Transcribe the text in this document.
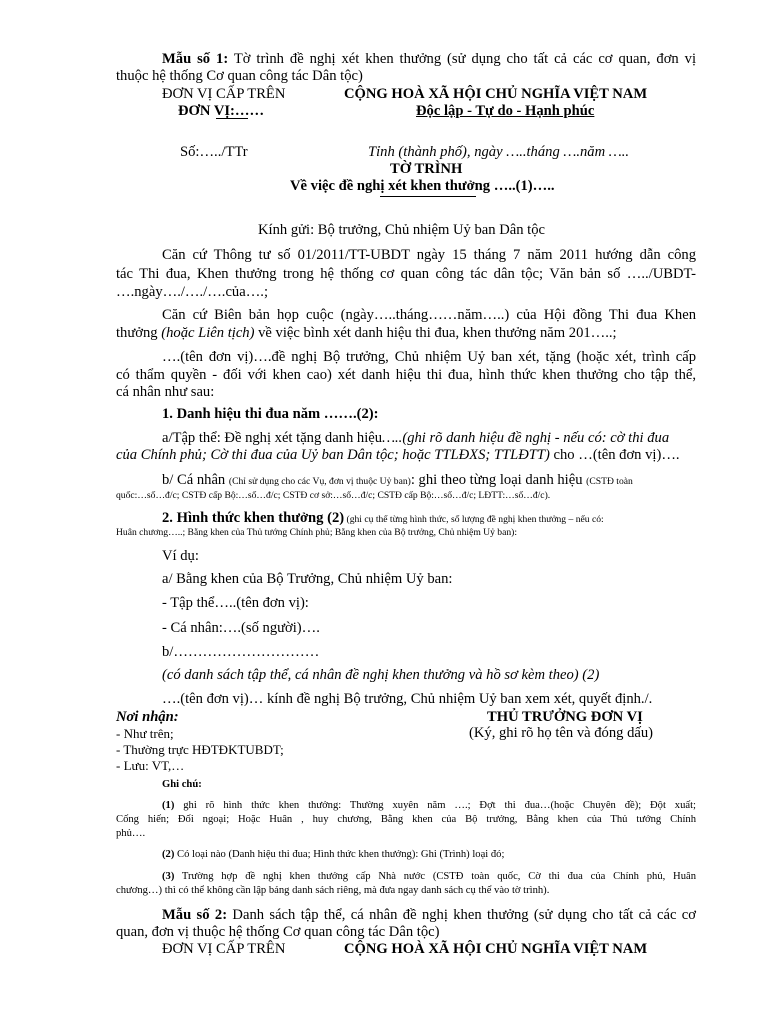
Mẫu số 1: Tờ trình đề nghị xét khen thưởng (sử dụng cho tất cả các cơ quan, đơn vị
thuộc hệ thống Cơ quan công tác Dân tộc)
ĐƠN VỊ CẤP TRÊN	CỘNG HOÀ XÃ HỘI CHỦ NGHĨA VIỆT NAM
ĐƠN VỊ:……	Độc lập - Tự do - Hạnh phúc
Số:…../TTr	Tỉnh (thành phố), ngày …..tháng ….năm …..
TỜ TRÌNH
Về việc đề nghị xét khen thưởng …..(1)…..
Kính gửi: Bộ trưởng, Chủ nhiệm Uỷ ban Dân tộc
Căn cứ Thông tư số 01/2011/TT-UBDT ngày 15 tháng 7 năm 2011 hướng dẫn công
tác Thi đua, Khen thưởng trong hệ thống cơ quan công tác dân tộc; Văn bản số …../UBDT-
….ngày…./…./….của….;
Căn cứ Biên bản họp cuộc (ngày…..tháng……năm…..) của Hội đồng Thi đua Khen
thưởng (hoặc Liên tịch) về việc bình xét danh hiệu thi đua, khen thưởng năm 201…..;
….(tên đơn vị)….đề nghị Bộ trưởng, Chủ nhiệm Uỷ ban xét, tặng (hoặc xét, trình cấp
có thẩm quyền - đối với khen cao) xét danh hiệu thi đua, hình thức khen thưởng cho tập thể,
cá nhân như sau:
1. Danh hiệu thi đua năm …….(2):
a/Tập thể: Đề nghị xét tặng danh hiệu…..(ghi rõ danh hiệu đề nghị - nếu có: cờ thi đua
của Chính phủ; Cờ thi đua của Uỷ ban Dân tộc; hoặc TTLĐXS; TTLĐTT) cho …(tên đơn vị)….
b/ Cá nhân (Chỉ sử dụng cho các Vụ, đơn vị thuộc Uỷ ban): ghi theo từng loại danh hiệu (CSTĐ toàn
quốc:…số…đ/c; CSTĐ cấp Bộ:…số…đ/c; CSTĐ cơ sở:…số…đ/c; CSTĐ cấp Bộ:…số…đ/c; LĐTT:…số…đ/c).
2. Hình thức khen thưởng (2) (ghi cụ thể từng hình thức, số lượng đề nghị khen thưởng – nếu có:
Huân chương…..; Bằng khen của Thủ tướng Chính phủ; Bằng khen của Bộ trưởng, Chủ nhiệm Uỷ ban):
Ví dụ:
a/ Bằng khen của Bộ Trưởng, Chủ nhiệm Uỷ ban:
- Tập thể…..(tên đơn vị):
- Cá nhân:….(số người)….
b/…………………………
(có danh sách tập thể, cá nhân đề nghị khen thưởng và hồ sơ kèm theo) (2)
….(tên đơn vị)… kính đề nghị Bộ trưởng, Chủ nhiệm Uỷ ban xem xét, quyết định./.
Nơi nhận:	THỦ TRƯỞNG ĐƠN VỊ
- Như trên;	(Ký, ghi rõ họ tên và đóng dấu)
- Thường trực HĐTĐKTUBDT;
- Lưu: VT,…
Ghi chú:
(1) ghi rõ hình thức khen thưởng: Thường xuyên năm ….; Đợt thi đua…(hoặc Chuyên đề); Đột xuất;
Cống hiến; Đối ngoại; Hoặc Huân , huy chương, Bằng khen của Bộ trưởng, Bằng khen của Thủ tướng Chính
phủ….
(2) Có loại nào (Danh hiệu thi đua; Hình thức khen thưởng): Ghi (Trình) loại đó;
(3) Trường hợp đề nghị khen thưởng cấp Nhà nước (CSTĐ toàn quốc, Cờ thi đua của Chính phủ, Huân
chương…) thì có thể không cần lập bảng danh sách riêng, mà đưa ngay danh sách cụ thể vào tờ trình).
Mẫu số 2: Danh sách tập thể, cá nhân đề nghị khen thưởng (sử dụng cho tất cả các cơ
quan, đơn vị thuộc hệ thống Cơ quan công tác Dân tộc)
ĐƠN VỊ CẤP TRÊN	CỘNG HOÀ XÃ HỘI CHỦ NGHĨA VIỆT NAM
